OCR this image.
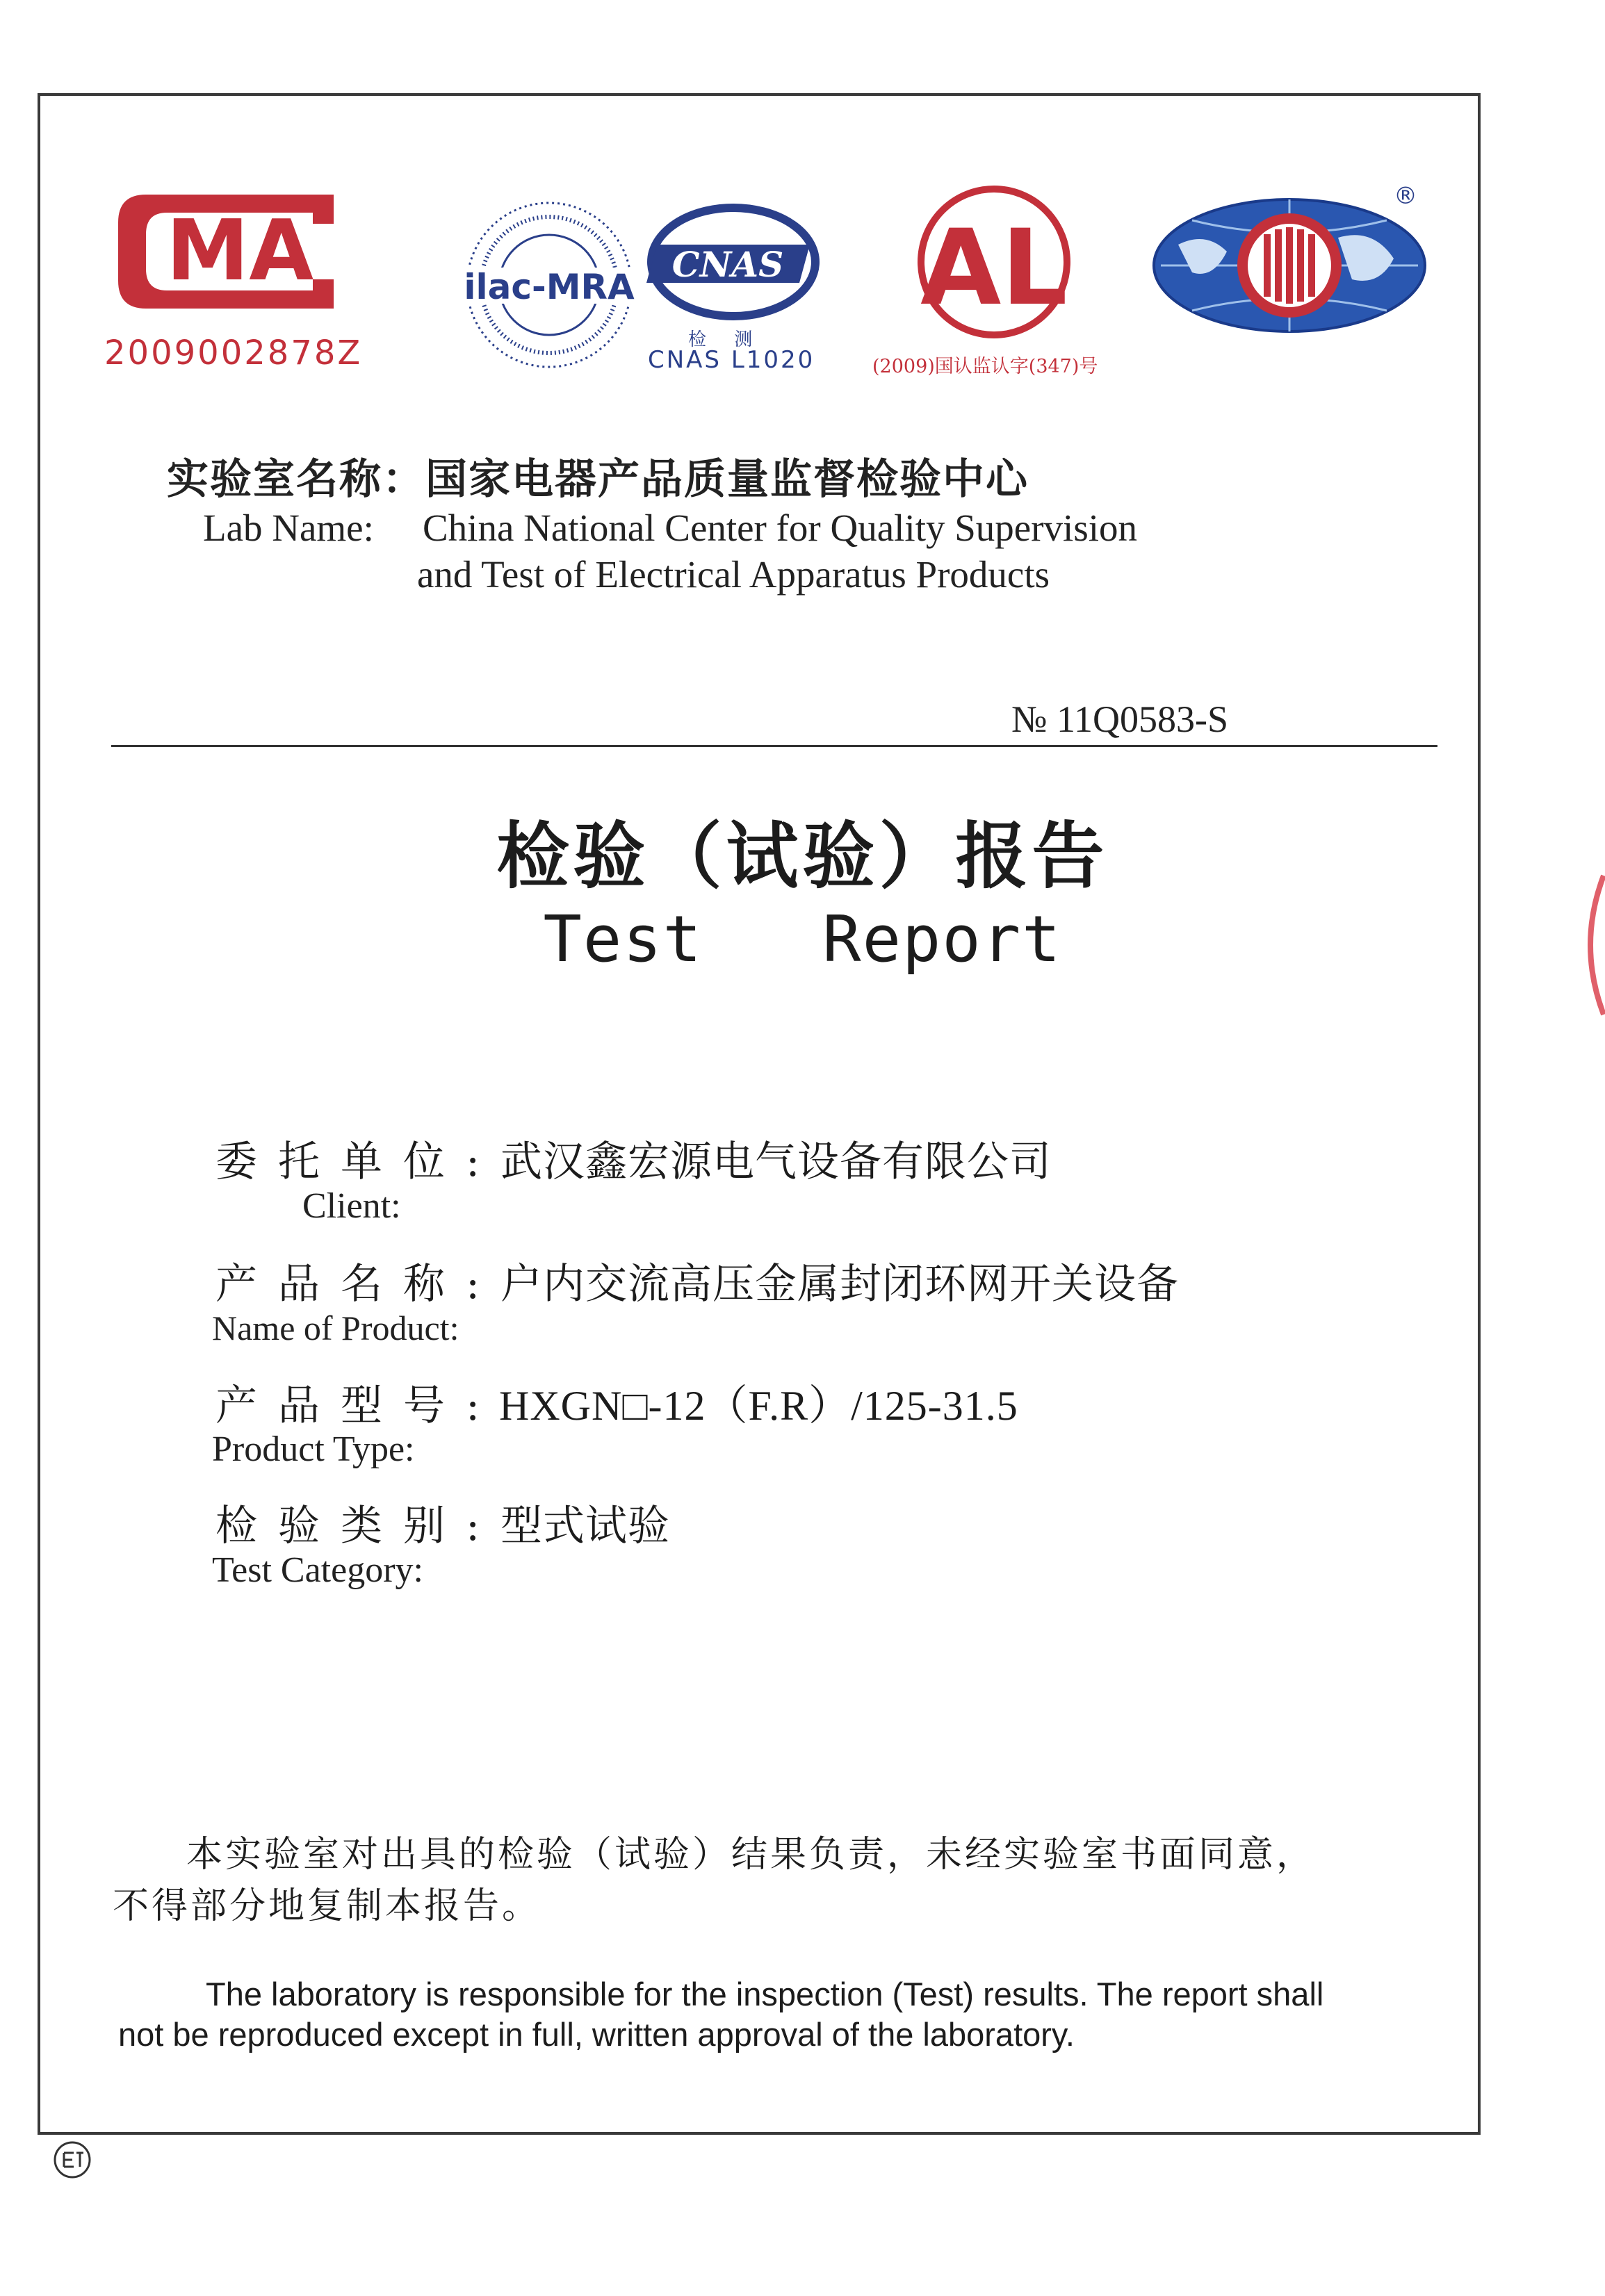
MA
2009002878Z
ilac-MRA
CNAS
检 测
CNAS L1020
AL
(2009)国认监认字(347)号
®
实验室名称：国家电器产品质量监督检验中心
Lab Name: China National Center for Quality Supervision
and Test of Electrical Apparatus Products
№ 11Q0583-S
检验（试验）报告
Test   Report
委托单位: 武汉鑫宏源电气设备有限公司
Client:
产品名称: 户内交流高压金属封闭环网开关设备
Name of Product:
产品型号:
HXGN□-12（F.R）/125-31.5
Product Type:
检验类别: 型式试验
Test Category:
本实验室对出具的检验（试验）结果负责，未经实验室书面同意，
不得部分地复制本报告。
The laboratory is responsible for the inspection (Test) results. The report shall
not be reproduced except in full, written approval of the laboratory.
